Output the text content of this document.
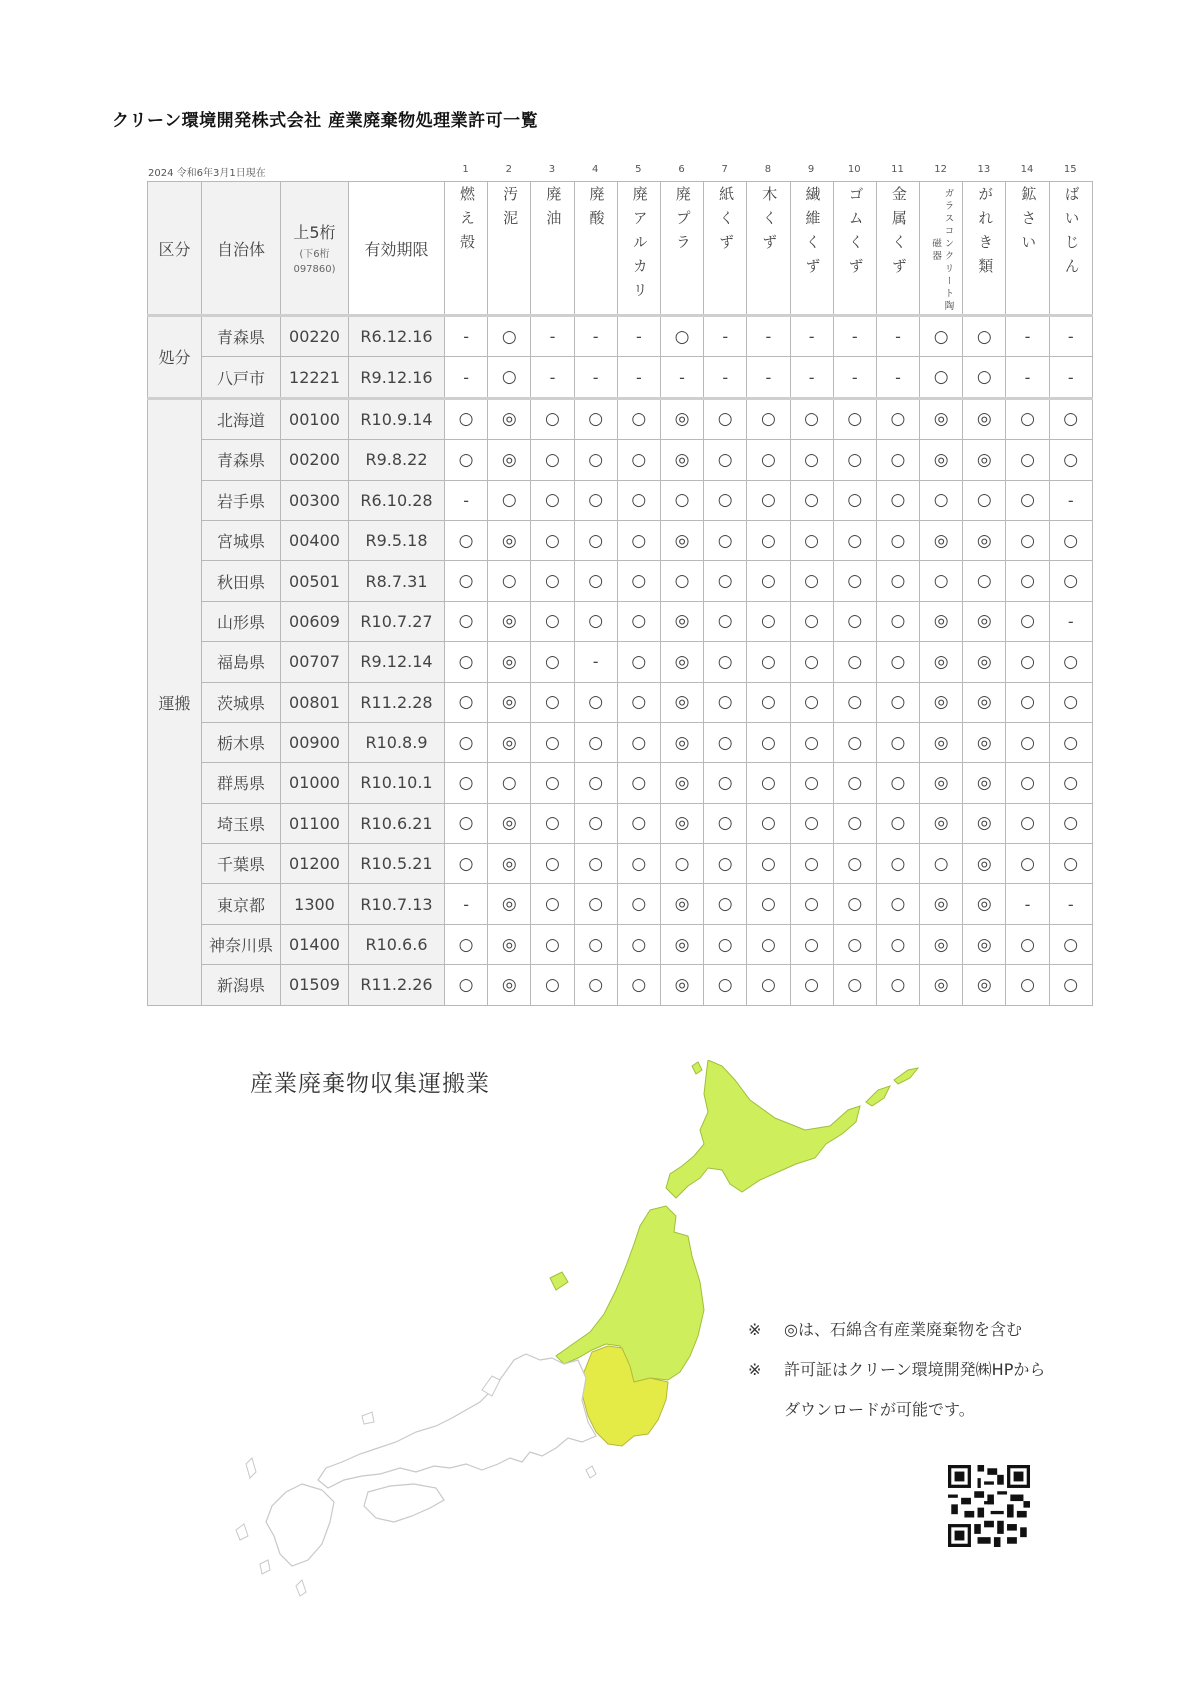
クリーン環境開発株式会社 産業廃棄物処理業許可一覧
2024 令和6年3月1日現在	1	2	3	4	5	6	7	8	9	10	11	12	13	14	15
区分	自治体	上5桁
(下6桁
097860)	有効期限	燃え殻	汚泥	廃油	廃酸	廃アルカリ	廃プラ	紙くず	木くず	繊維くず	ゴムくず	金属くず	ガラスコンクリート陶磁器	がれき類	鉱さい	ばいじん

処分	青森県	00220	R6.12.16	-	○	-	-	-	○	-	-	-	-	-	○	○	-	-
	八戸市	12221	R9.12.16	-	○	-	-	-	-	-	-	-	-	-	○	○	-	-
運搬	北海道	00100	R10.9.14	○	◎	○	○	○	◎	○	○	○	○	○	◎	◎	○	○
	青森県	00200	R9.8.22	○	◎	○	○	○	◎	○	○	○	○	○	◎	◎	○	○
	岩手県	00300	R6.10.28	-	○	○	○	○	○	○	○	○	○	○	○	○	○	-
	宮城県	00400	R9.5.18	○	◎	○	○	○	◎	○	○	○	○	○	◎	◎	○	○
	秋田県	00501	R8.7.31	○	○	○	○	○	○	○	○	○	○	○	○	○	○	○
	山形県	00609	R10.7.27	○	◎	○	○	○	◎	○	○	○	○	○	◎	◎	○	-
	福島県	00707	R9.12.14	○	◎	○	-	○	◎	○	○	○	○	○	◎	◎	○	○
	茨城県	00801	R11.2.28	○	◎	○	○	○	◎	○	○	○	○	○	◎	◎	○	○
	栃木県	00900	R10.8.9	○	◎	○	○	○	◎	○	○	○	○	○	◎	◎	○	○
	群馬県	01000	R10.10.1	○	○	○	○	○	◎	○	○	○	○	○	◎	◎	○	○
	埼玉県	01100	R10.6.21	○	◎	○	○	○	◎	○	○	○	○	○	◎	◎	○	○
	千葉県	01200	R10.5.21	○	◎	○	○	○	○	○	○	○	○	○	○	◎	○	○
	東京都	1300	R10.7.13	-	◎	○	○	○	◎	○	○	○	○	○	◎	◎	-	-
	神奈川県	01400	R10.6.6	○	◎	○	○	○	◎	○	○	○	○	○	◎	◎	○	○
	新潟県	01509	R11.2.26	○	◎	○	○	○	◎	○	○	○	○	○	◎	◎	○	○
産業廃棄物収集運搬業
※ ◎は、石綿含有産業廃棄物を含む
※ 許可証はクリーン環境開発㈱HPから
ダウンロードが可能です。
